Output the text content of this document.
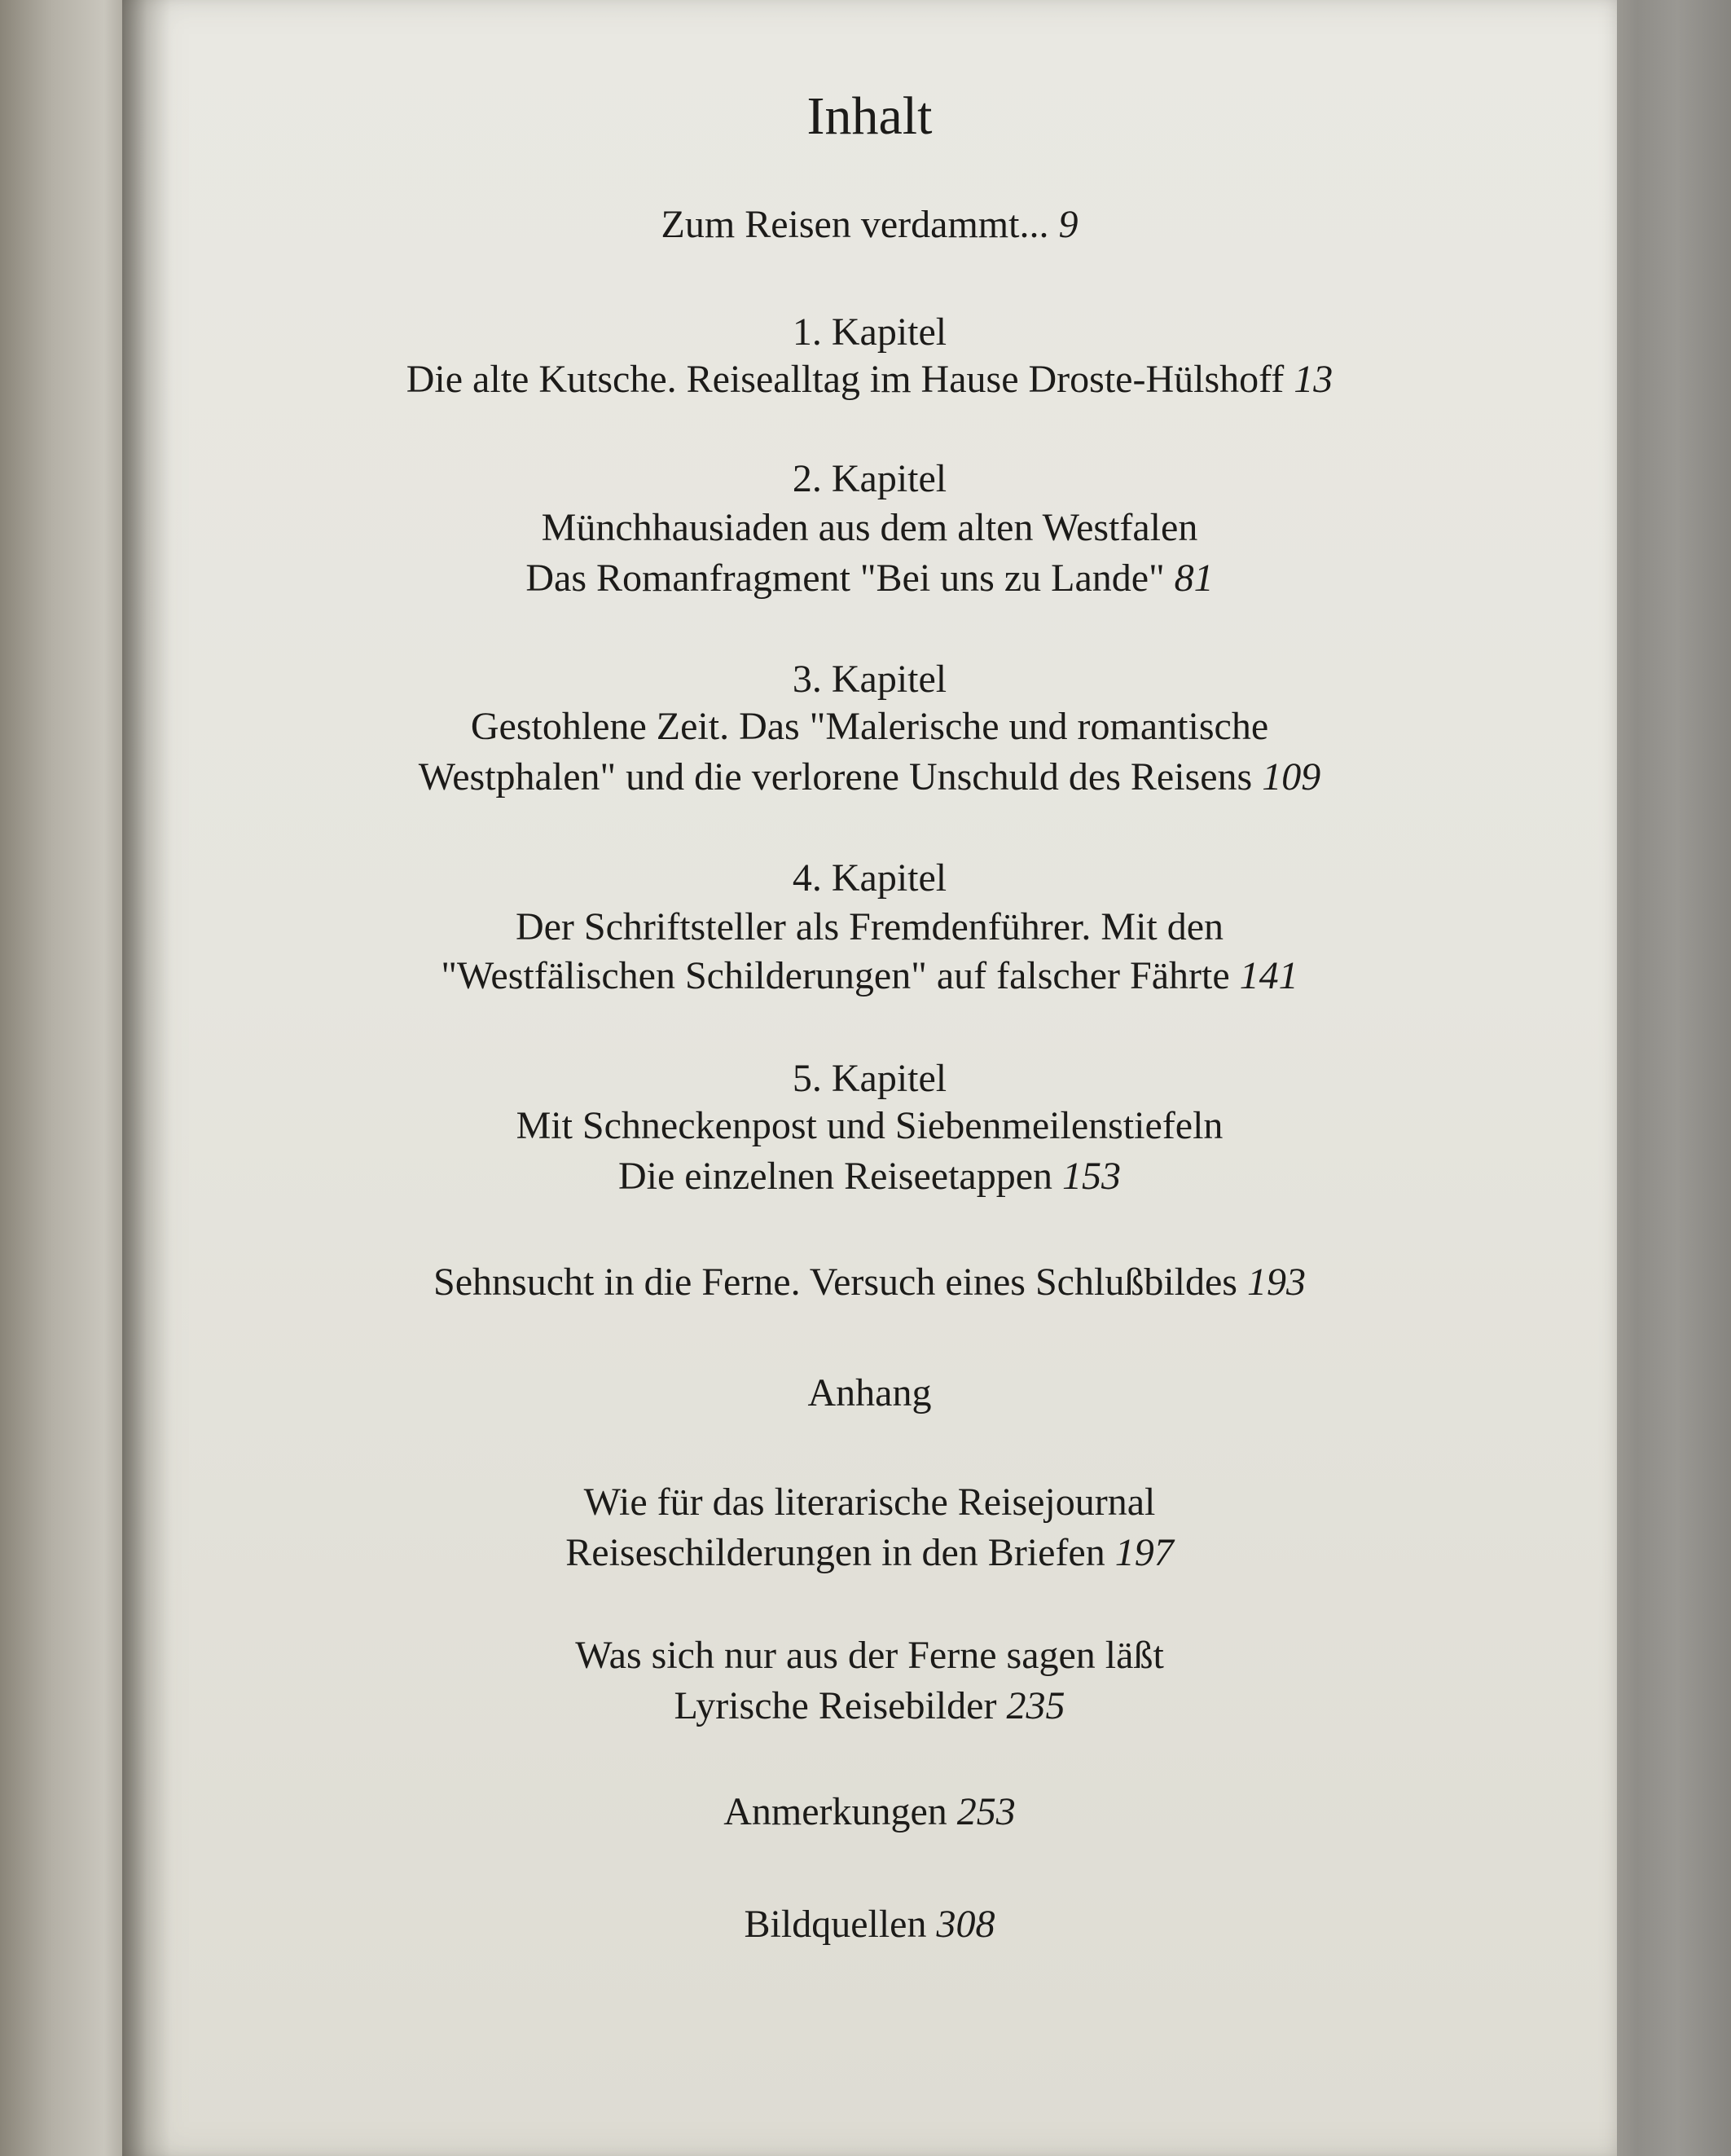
Inhalt
Zum Reisen verdammt... 9
1. Kapitel
Die alte Kutsche. Reisealltag im Hause Droste-Hülshoff 13
2. Kapitel
Münchhausiaden aus dem alten Westfalen
Das Romanfragment "Bei uns zu Lande" 81
3. Kapitel
Gestohlene Zeit. Das "Malerische und romantische
Westphalen" und die verlorene Unschuld des Reisens 109
4. Kapitel
Der Schriftsteller als Fremdenführer. Mit den
"Westfälischen Schilderungen" auf falscher Fährte 141
5. Kapitel
Mit Schneckenpost und Siebenmeilenstiefeln
Die einzelnen Reiseetappen 153
Sehnsucht in die Ferne. Versuch eines Schlußbildes 193
Anhang
Wie für das literarische Reisejournal
Reiseschilderungen in den Briefen 197
Was sich nur aus der Ferne sagen läßt
Lyrische Reisebilder 235
Anmerkungen 253
Bildquellen 308
